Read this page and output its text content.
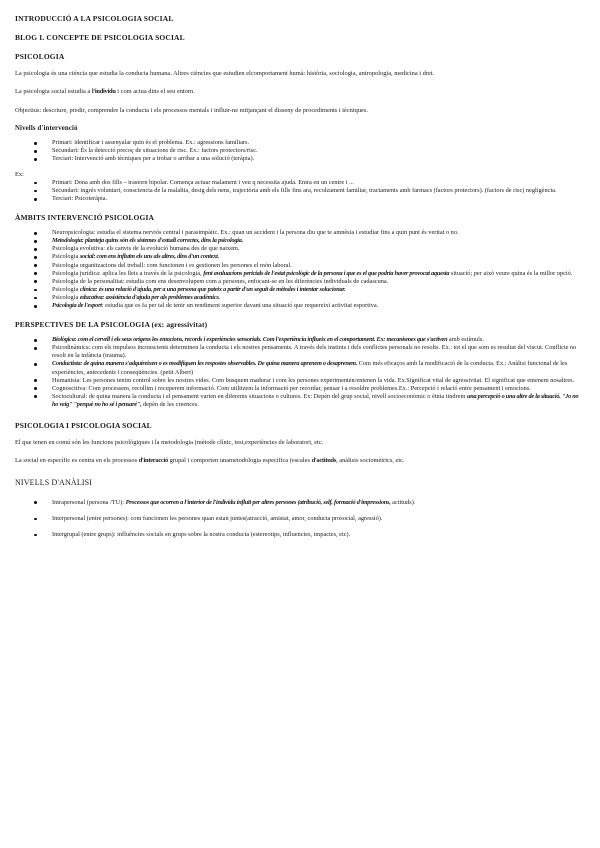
INTRODUCCIÓ A LA PSICOLOGIA SOCIAL
BLOG I. CONCEPTE DE PSICOLOGIA SOCIAL
PSICOLOGIA
La psicologia és una ciència que estudia la conducta humana. Altres ciències que estudien elcomportament humà: història, sociologia, antropologia, medicina i dret.
La psicologia social estudia a l'individu i com actua dins el seu entorn.
Objectius: descriure, predir, comprendre la conducta i els processos mentals i influir-ne mitjançant el disseny de procediments i tècniques.
Nivells d'intervenció
Primari: identificar i assenyalar quin és el problema. Ex.: agressions familiars.
Secundari: És la detecció precoç de situacions de risc. Ex.: factors protectors/risc.
Terciari: Intervenció amb tècniques per a trobar o arribar a una solució (teràpia).
Ex:
Primari: Dona amb dos fills – trastorn bipolar. Comença actuar malament i veu q necessita ajuda. Entra en un centre i ...
Secundari: ingrés voluntari, consciencia de la malaltia, desig dels nens, trajectòria amb els fills fins ara, recolzament familiar, tractaments amb farmacs (factors protectors). (factors de risc) negligència.
Terciari: Psicoteràpia.
ÀMBITS INTERVENCIÓ PSICOLOGIA
Neuropsicologia: estudia el sistema nerviós central i parasimpàtic. Ex.: quan un accident i la persona diu que te amnèsia i estudiar fins a quin punt és veritat o no.
Metodologia: planteja quins són els sistemes d'estudi correctes, dins la psicologia.
Psicologia evolutiva: els canvis de la evolució humana des de que naixem.
Psicologia social: com ens influïm els uns als altres, dins d'un context.
Psicologia organitzacions del treball: com funcionen i es gestionen les persones el món laboral.
Psicologia jurídica: aplica les lleis a través de la psicologia, fent avaluacions pericials de l'estat psicològic de la persona i que es el que podria haver provocat aquesta situació; per això veure quina és la millor opció.
Psicologia de la personalitat: estudia com ens desenvolupem com a persones, enfocant-se en les diferències individuals de cadascuna.
Psicologia clínica: és una relació d'ajuda, per a una persona que pateix a partir d'un seguit de mètodes i intentar solucionar.
Psicologia educativa: assistència d'ajuda per als problemes acadèmics.
Psicologia de l'esport: estudia que es fa per tal de tenir un rendiment superior davant una situació que requereixi activitat esportiva.
PERSPECTIVES DE LA PSICOLOGIA (ex: agressivitat)
Biològica: com el cervell i els seus orígens les emocions, records i experiències sensorials. Com l'experiència influeix en el comportament. Ex: mecanismes que s'activen amb estímuls.
Psicodinàmica: com els impulsos inconscients determinen la conducta i els nostres pensaments. A través dels instints i dels conflictes personals no resolts. Ex.: tot el que som es resultat del viscut. Conflicte no resolt en la infància (trauma).
Conductista: de quina manera s'adquireixen o es modifiquen les respostes observables. De quina manera aprenem o desaprenem. Com més eficaços amb la modificació de la conducta. Ex.: Anàlisi funcional de les experiències, antecedents i conseqüències. (petit Albert)
Humanista: Les persones tenim control sobre les nostres vides. Com busquem madurar i com les persones experimenten/entenen la vida. Ex.Significat vital de agressivitat. El significat que entenem nosaltres.
Cognoscitiva: Com processem, recollim i recuperem informació. Com utilitzem la informació per recordar, pensar i a resoldre problemes.Ex.: Percepció i relació entre pensament i emocions.
Sociocultural: de quina manera la conducta i el pensament varien en diferents situacions o cultures. Ex: Depèn del grup social, nivell socioeconòmic o ètnia tindrem una percepció o una altre de la situació. "Jo no ho veig" "perquè no ho sé i pensaré", depèn de les creences.
PSICOLOGIA I PSICOLOGIA SOCIAL
El que tenen en comú són les funcions psicològiques i la metodologia (mètode clínic, test,experiències de laboratori, etc.
La social en específic es centra en els processos d'interacció grupal i comporten unametodologia específica (escales d'actituds, anàlisis sociomètrics, etc.
NIVELLS D'ANÀLISI
Intrapersonal (persona /TU): Processos que ocorren a l'interior de l'individu influït per altres persones (atribució, self, formació d'impressions, actituds).
Interpersonal (entre persones): com funcionen les persones quan estan juntes(atracció, amistat, amor, conducta prosocial, agressió).
Intergrupal (entre grups): influències socials en grups sobre la nostra conducta (estereotips, influencies, impactes, etc).
